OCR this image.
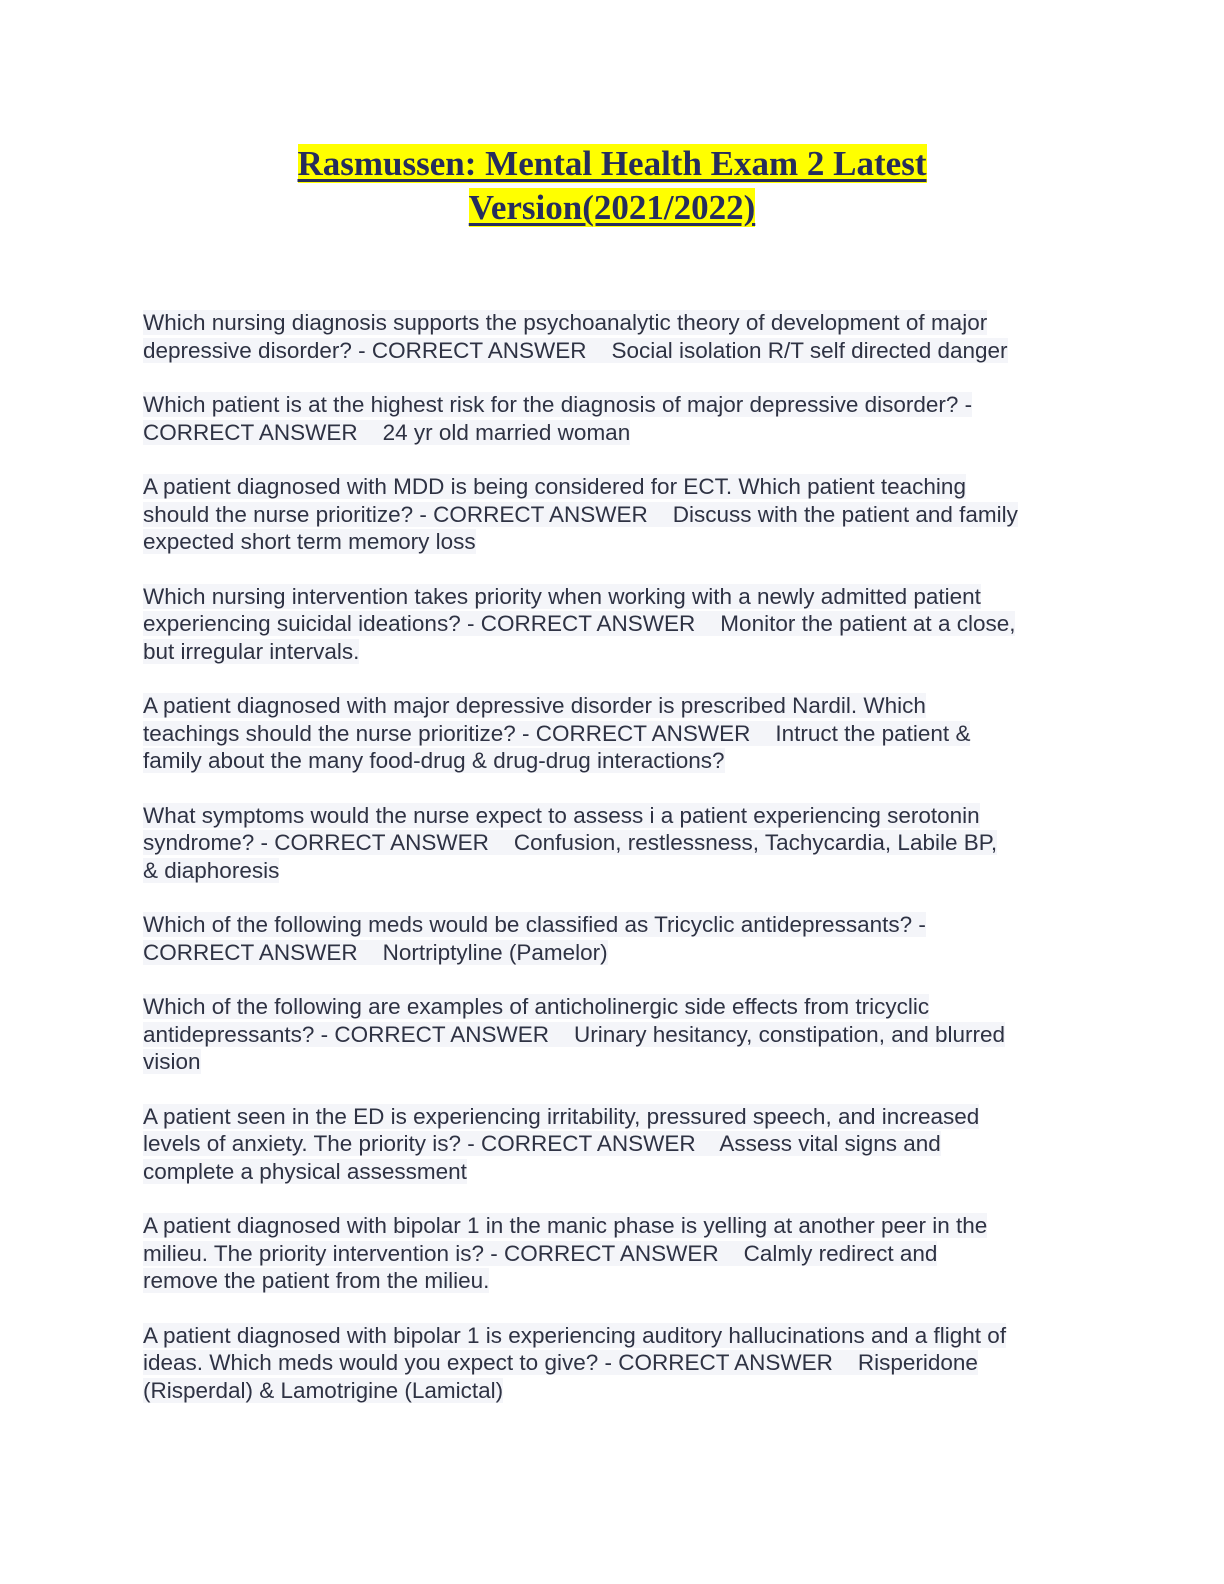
Rasmussen: Mental Health Exam 2 Latest
Version(2021/2022)
Which nursing diagnosis supports the psychoanalytic theory of development of major
depressive disorder? - CORRECT ANSWER    Social isolation R/T self directed danger
Which patient is at the highest risk for the diagnosis of major depressive disorder? -
CORRECT ANSWER    24 yr old married woman
A patient diagnosed with MDD is being considered for ECT. Which patient teaching
should the nurse prioritize? - CORRECT ANSWER    Discuss with the patient and family
expected short term memory loss
Which nursing intervention takes priority when working with a newly admitted patient
experiencing suicidal ideations? - CORRECT ANSWER    Monitor the patient at a close,
but irregular intervals.
A patient diagnosed with major depressive disorder is prescribed Nardil. Which
teachings should the nurse prioritize? - CORRECT ANSWER    Intruct the patient &
family about the many food-drug & drug-drug interactions?
What symptoms would the nurse expect to assess i a patient experiencing serotonin
syndrome? - CORRECT ANSWER    Confusion, restlessness, Tachycardia, Labile BP,
& diaphoresis
Which of the following meds would be classified as Tricyclic antidepressants? -
CORRECT ANSWER    Nortriptyline (Pamelor)
Which of the following are examples of anticholinergic side effects from tricyclic
antidepressants? - CORRECT ANSWER    Urinary hesitancy, constipation, and blurred
vision
A patient seen in the ED is experiencing irritability, pressured speech, and increased
levels of anxiety. The priority is? - CORRECT ANSWER    Assess vital signs and
complete a physical assessment
A patient diagnosed with bipolar 1 in the manic phase is yelling at another peer in the
milieu. The priority intervention is? - CORRECT ANSWER    Calmly redirect and
remove the patient from the milieu.
A patient diagnosed with bipolar 1 is experiencing auditory hallucinations and a flight of
ideas. Which meds would you expect to give? - CORRECT ANSWER    Risperidone
(Risperdal) & Lamotrigine (Lamictal)
